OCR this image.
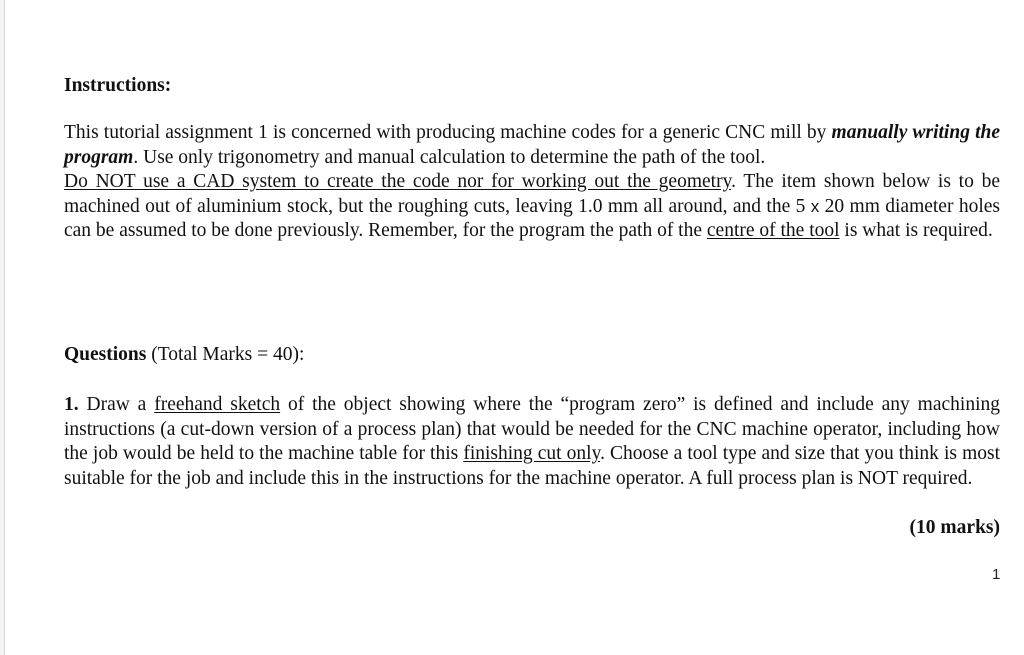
Instructions:
This tutorial assignment 1 is concerned with producing machine codes for a generic CNC mill by manually writing the program. Use only trigonometry and manual calculation to determine the path of the tool.
Do NOT use a CAD system to create the code nor for working out the geometry. The item shown below is to be machined out of aluminium stock, but the roughing cuts, leaving 1.0 mm all around, and the 5 x 20 mm diameter holes can be assumed to be done previously. Remember, for the program the path of the centre of the tool is what is required.
Questions (Total Marks = 40):
1. Draw a freehand sketch of the object showing where the “program zero” is defined and include any machining instructions (a cut-down version of a process plan) that would be needed for the CNC machine operator, including how the job would be held to the machine table for this finishing cut only. Choose a tool type and size that you think is most suitable for the job and include this in the instructions for the machine operator. A full process plan is NOT required.
(10 marks)
1
